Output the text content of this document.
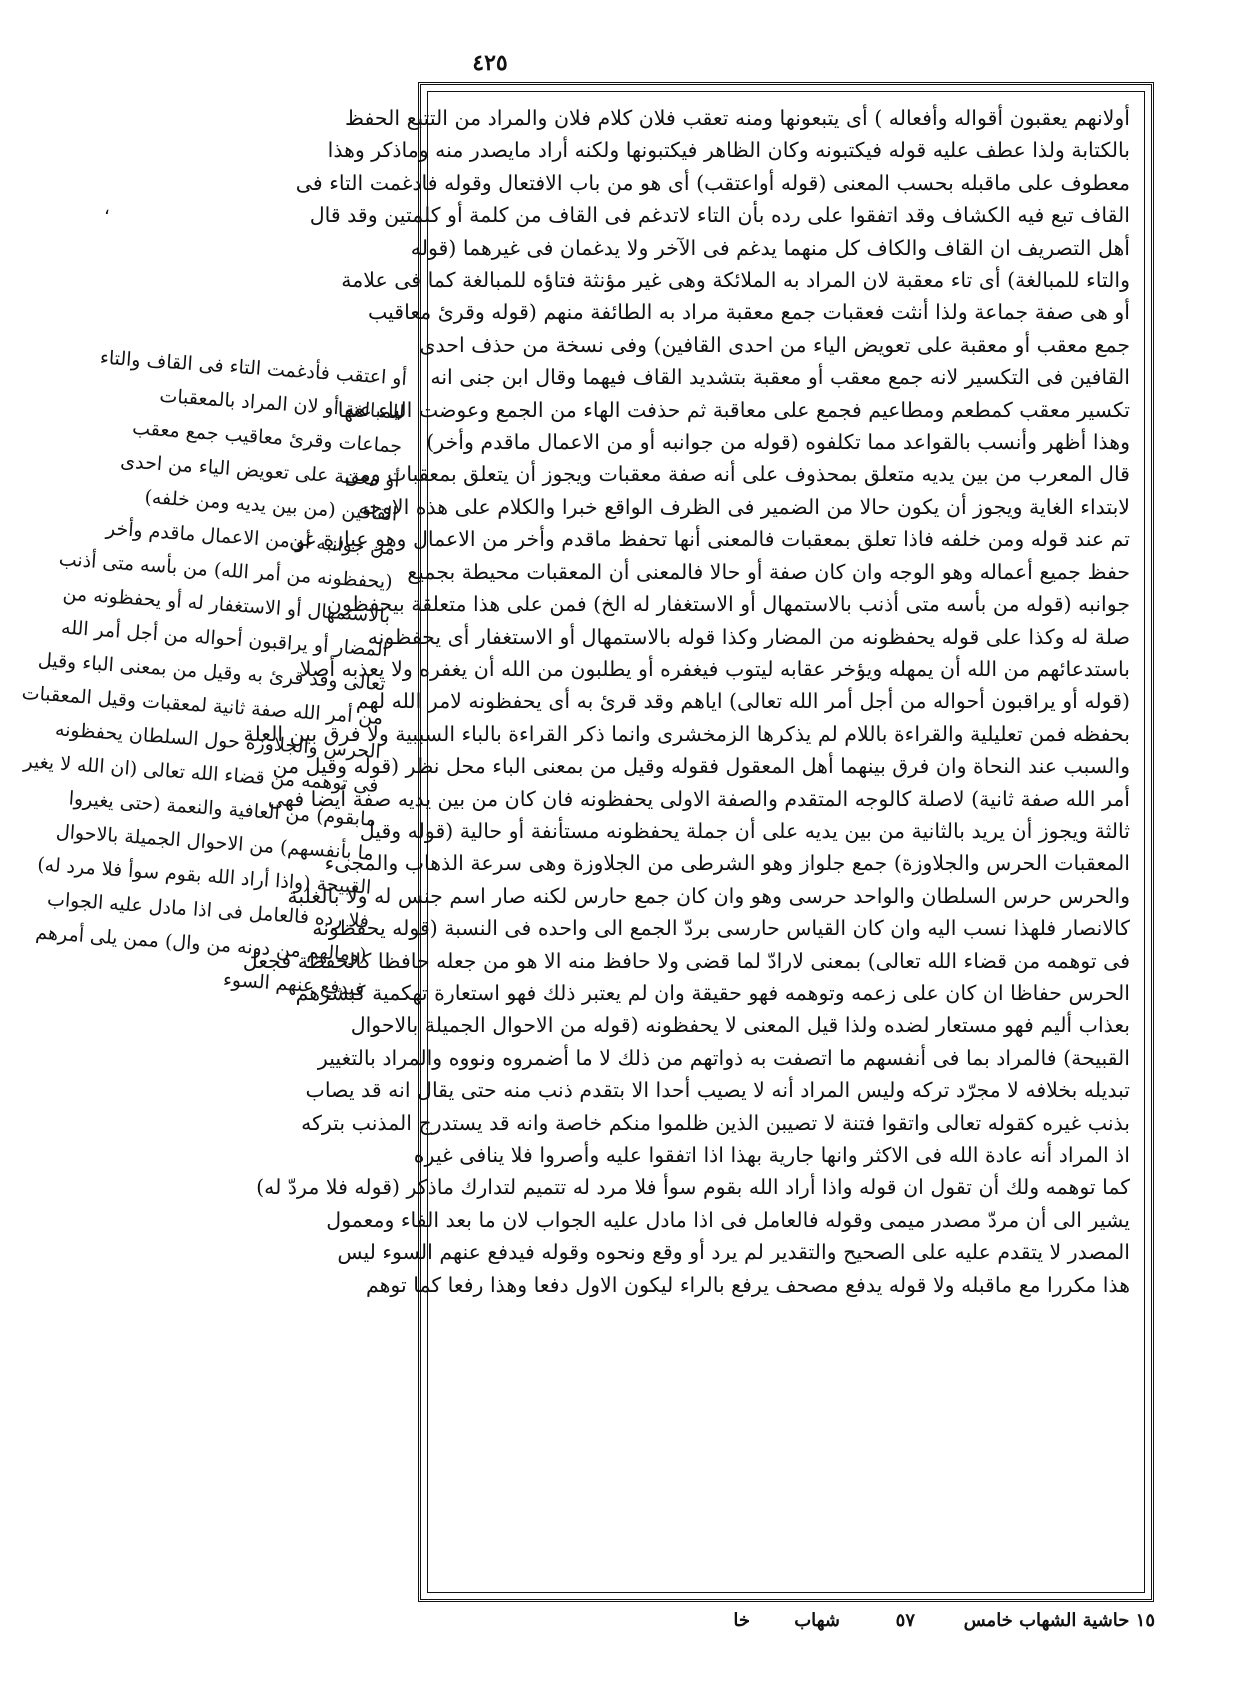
٤٢٥
،
أو اعتقب فأدغمت التاء فى القاف والتاء
للمبالغة أو لان المراد بالمعقبات
جماعات وقرئ معاقيب جمع معقب
أو معقبة على تعويض الياء من احدى
القافين (من بين يديه ومن خلفه)
من جوانبه أو من الاعمال ماقدم وأخر
(يحفظونه من أمر الله) من بأسه متى أذنب
بالاستمهال أو الاستغفار له أو يحفظونه من
المضار أو يراقبون أحواله من أجل أمر الله
تعالى وقد قرئ به وقيل من بمعنى الباء وقيل
من أمر الله صفة ثانية لمعقبات وقيل المعقبات
الحرس والجلاوزة حول السلطان يحفظونه
فى توهمه من قضاء الله تعالى (ان الله لا يغير
مابقوم) من العافية والنعمة (حتى يغيروا
ما بأنفسهم) من الاحوال الجميلة بالاحوال
القبيحة (واذا أراد الله بقوم سوأ فلا مرد له)
فلا رده فالعامل فى اذا مادل عليه الجواب
(ومالهم من دونه من وال) ممن يلى أمرهم
فيدفع عنهم السوء
أولانهم يعقبون أقواله وأفعاله ) أى يتبعونها ومنه تعقب فلان كلام فلان والمراد من التتبع الحفظ
بالكتابة ولذا عطف عليه قوله فيكتبونه وكان الظاهر فيكتبونها ولكنه أراد مايصدر منه وماذكر وهذا
معطوف على ماقبله بحسب المعنى (قوله أواعتقب) أى هو من باب الافتعال وقوله فادغمت التاء فى
القاف تبع فيه الكشاف وقد اتفقوا على رده بأن التاء لاتدغم فى القاف من كلمة أو كلمتين وقد قال
أهل التصريف ان القاف والكاف كل منهما يدغم فى الآخر ولا يدغمان فى غيرهما (قوله
والتاء للمبالغة) أى تاء معقبة لان المراد به الملائكة وهى غير مؤنثة فتاؤه للمبالغة كما فى علامة
أو هى صفة جماعة ولذا أنثت فعقبات جمع معقبة مراد به الطائفة منهم (قوله وقرئ معاقيب
جمع معقب أو معقبة على تعويض الياء من احدى القافين) وفى نسخة من حذف احدى
القافين فى التكسير لانه جمع معقب أو معقبة بتشديد القاف فيهما وقال ابن جنى انه
تكسير معقب كمطعم ومطاعيم فجمع على معاقبة ثم حذفت الهاء من الجمع وعوضت الياء عنها
وهذا أظهر وأنسب بالقواعد مما تكلفوه (قوله من جوانبه أو من الاعمال ماقدم وأخر)
قال المعرب من بين يديه متعلق بمحذوف على أنه صفة معقبات ويجوز أن يتعلق بمعقبات ومن
لابتداء الغاية ويجوز أن يكون حالا من الضمير فى الظرف الواقع خبرا والكلام على هذه الاوجه
تم عند قوله ومن خلفه فاذا تعلق بمعقبات فالمعنى أنها تحفظ ماقدم وأخر من الاعمال وهو عبارة عن
حفظ جميع أعماله وهو الوجه وان كان صفة أو حالا فالمعنى أن المعقبات محيطة بجميع
جوانبه (قوله من بأسه متى أذنب بالاستمهال أو الاستغفار له الخ) فمن على هذا متعلقة بيحفظون
صلة له وكذا على قوله يحفظونه من المضار وكذا قوله بالاستمهال أو الاستغفار أى يحفظونه
باستدعائهم من الله أن يمهله ويؤخر عقابه ليتوب فيغفره أو يطلبون من الله أن يغفره ولا يعذبه أصلا
(قوله أو يراقبون أحواله من أجل أمر الله تعالى) اياهم وقد قرئ به أى يحفظونه لامر الله لهم
بحفظه فمن تعليلية والقراءة باللام لم يذكرها الزمخشرى وانما ذكر القراءة بالباء السببية ولا فرق بين العلة
والسبب عند النحاة وان فرق بينهما أهل المعقول فقوله وقيل من بمعنى الباء محل نظر (قوله وقيل من
أمر الله صفة ثانية) لاصلة كالوجه المتقدم والصفة الاولى يحفظونه فان كان من بين يديه صفة أيضا فهى
ثالثة ويجوز أن يريد بالثانية من بين يديه على أن جملة يحفظونه مستأنفة أو حالية (قوله وقيل
المعقبات الحرس والجلاوزة) جمع جلواز وهو الشرطى من الجلاوزة وهى سرعة الذهاب والمجىء
والحرس حرس السلطان والواحد حرسى وهو وان كان جمع حارس لكنه صار اسم جنس له ولا بالغلبة
كالانصار فلهذا نسب اليه وان كان القياس حارسى بردّ الجمع الى واحده فى النسبة (قوله يحفظونه
فى توهمه من قضاء الله تعالى) بمعنى لارادّ لما قضى ولا حافظ منه الا هو من جعله حافظا كالحفظة فجعل
الحرس حفاظا ان كان على زعمه وتوهمه فهو حقيقة وان لم يعتبر ذلك فهو استعارة تهكمية كبشرهم
بعذاب أليم فهو مستعار لضده ولذا قيل المعنى لا يحفظونه (قوله من الاحوال الجميلة بالاحوال
القبيحة) فالمراد بما فى أنفسهم ما اتصفت به ذواتهم من ذلك لا ما أضمروه ونووه والمراد بالتغيير
تبديله بخلافه لا مجرّد تركه وليس المراد أنه لا يصيب أحدا الا بتقدم ذنب منه حتى يقال انه قد يصاب
بذنب غيره كقوله تعالى واتقوا فتنة لا تصيبن الذين ظلموا منكم خاصة وانه قد يستدرج المذنب بتركه
اذ المراد أنه عادة الله فى الاكثر وانها جارية بهذا اذا اتفقوا عليه وأصروا فلا ينافى غيره
كما توهمه ولك أن تقول ان قوله واذا أراد الله بقوم سوأ فلا مرد له تتميم لتدارك ماذكر (قوله فلا مردّ له)
يشير الى أن مردّ مصدر ميمى وقوله فالعامل فى اذا مادل عليه الجواب لان ما بعد الفاء ومعمول
المصدر لا يتقدم عليه على الصحيح والتقدير لم يرد أو وقع ونحوه وقوله فيدفع عنهم السوء ليس
هذا مكررا مع ماقبله ولا قوله يدفع مصحف يرفع بالراء ليكون الاول دفعا وهذا رفعا كما توهم
١٥ حاشية الشهاب خامس
٥٧
شهاب
خا
